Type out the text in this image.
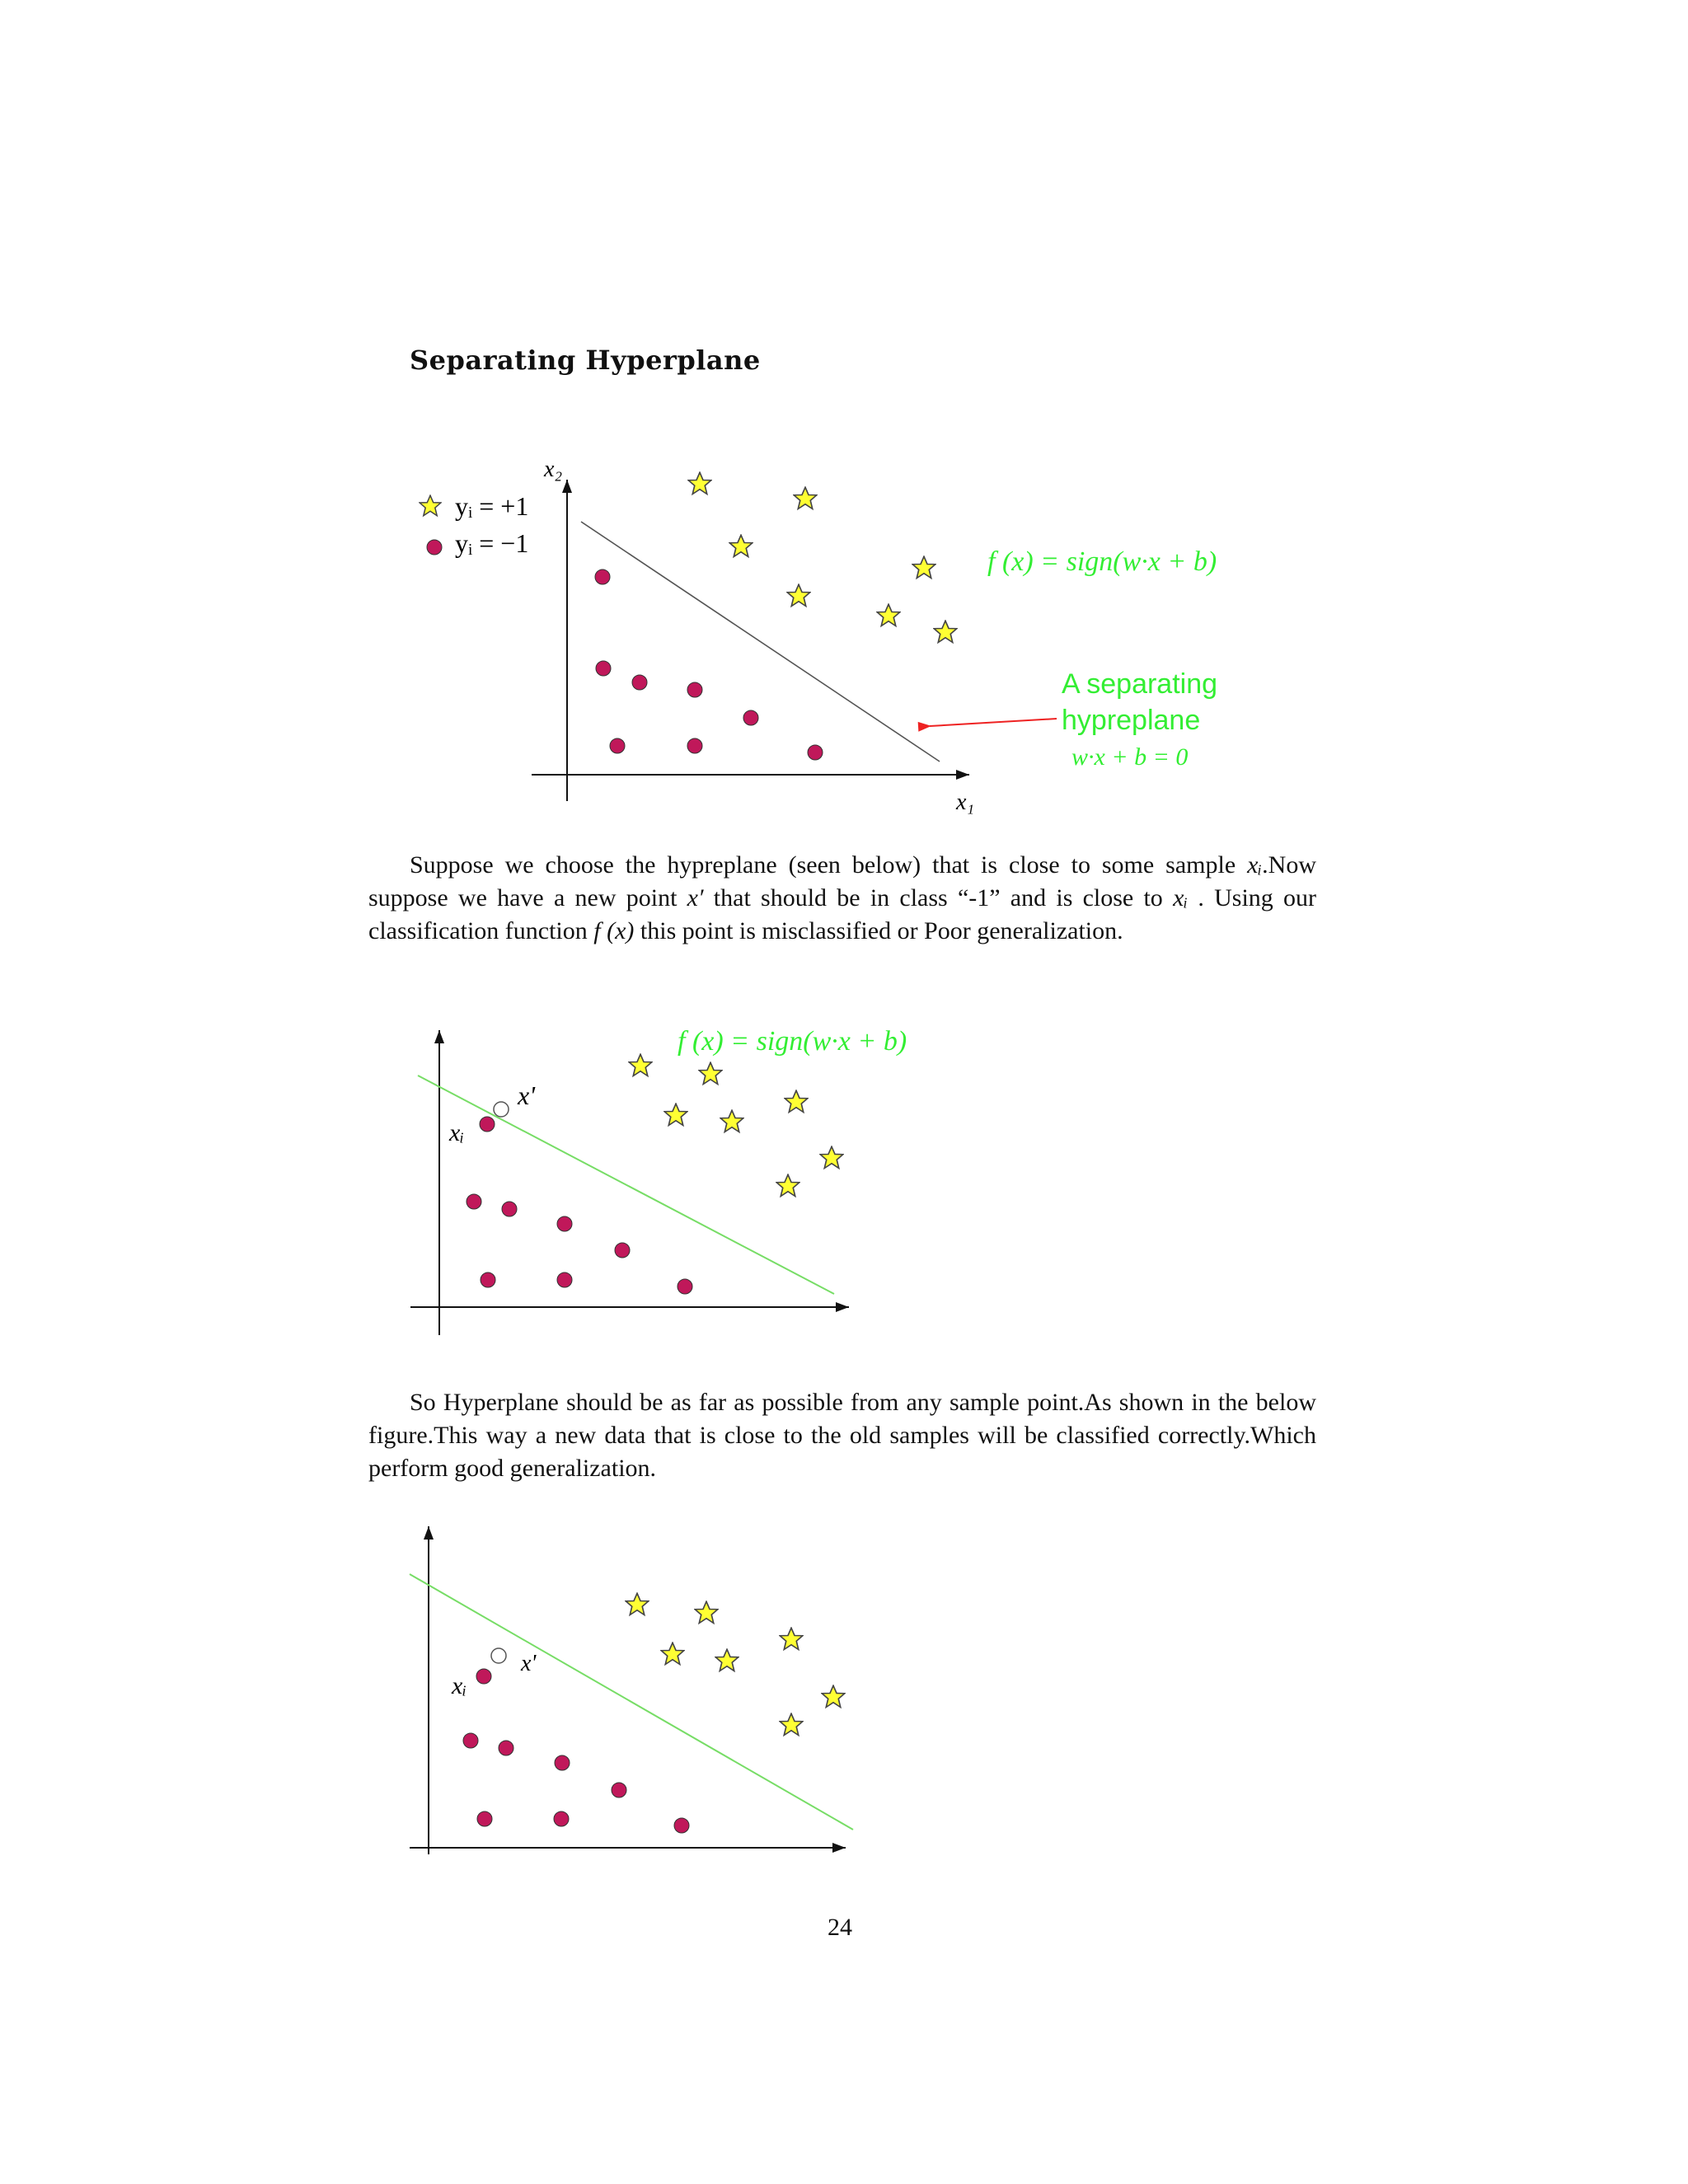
Separating Hyperplane
x₂
x₁
yᵢ = +1
yᵢ = −1
f (x) = sign(w·x + b)
A separating
hypreplane
w·x + b = 0
Suppose we choose the hypreplane (seen below) that is close to some sample xᵢ.Now suppose we have a new point x′ that should be in class “-1” and is close to xᵢ . Using our classification function f (x) this point is misclassified or Poor generalization.
f (x) = sign(w·x + b)
x'
xᵢ
So Hyperplane should be as far as possible from any sample point.As shown in the below figure.This way a new data that is close to the old samples will be classified correctly.Which perform good generalization.
x'
xᵢ
24
